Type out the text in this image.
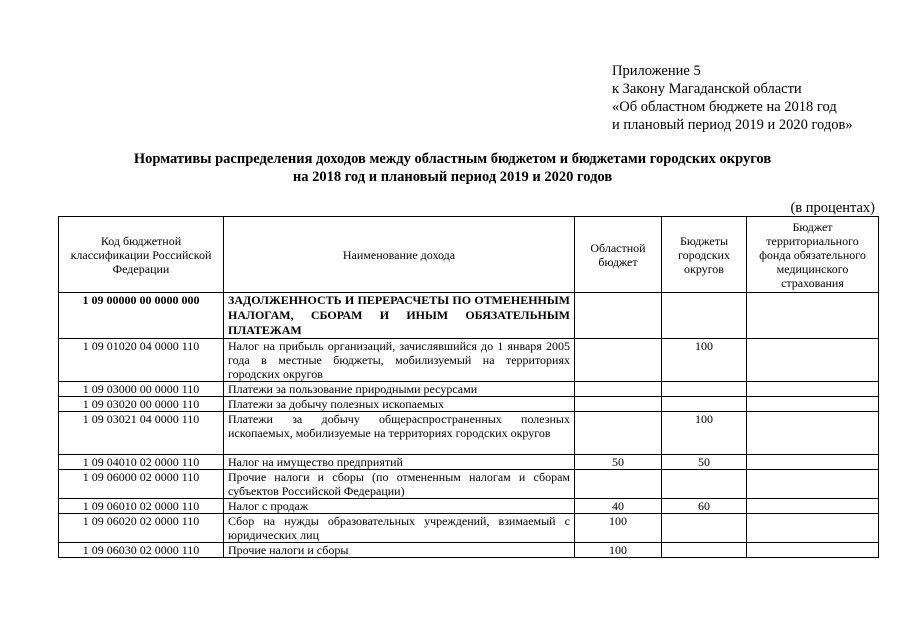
Приложение 5
к Закону Магаданской области
«Об областном бюджете на 2018 год
и плановый период 2019 и 2020 годов»
Нормативы распределения доходов между областным бюджетом и бюджетами городских округов
на 2018 год и плановый период 2019 и 2020 годов
(в процентах)
Код бюджетной классификации Российской Федерации	Наименование дохода	Областной бюджет	Бюджеты городских округов	Бюджет территориального фонда обязательного медицинского страхования
1 09 00000 00 0000 000	ЗАДОЛЖЕННОСТЬ И ПЕРЕРАСЧЕТЫ ПО ОТМЕНЕННЫМ НАЛОГАМ, СБОРАМ И ИНЫМ ОБЯЗАТЕЛЬНЫМ ПЛАТЕЖАМ			
1 09 01020 04 0000 110	Налог на прибыль организаций, зачислявшийся до 1 января 2005 года в местные бюджеты, мобилизуемый на территориях городских округов		100	
1 09 03000 00 0000 110	Платежи за пользование природными ресурсами			
1 09 03020 00 0000 110	Платежи за добычу полезных ископаемых			
1 09 03021 04 0000 110	Платежи за добычу общераспространенных полезных ископаемых, мобилизуемые на территориях городских округов		100	
1 09 04010 02 0000 110	Налог на имущество предприятий	50	50	
1 09 06000 02 0000 110	Прочие налоги и сборы (по отмененным налогам и сборам субъектов Российской Федерации)			
1 09 06010 02 0000 110	Налог с продаж	40	60	
1 09 06020 02 0000 110	Сбор на нужды образовательных учреждений, взимаемый с юридических лиц	100		
1 09 06030 02 0000 110	Прочие налоги и сборы	100		
